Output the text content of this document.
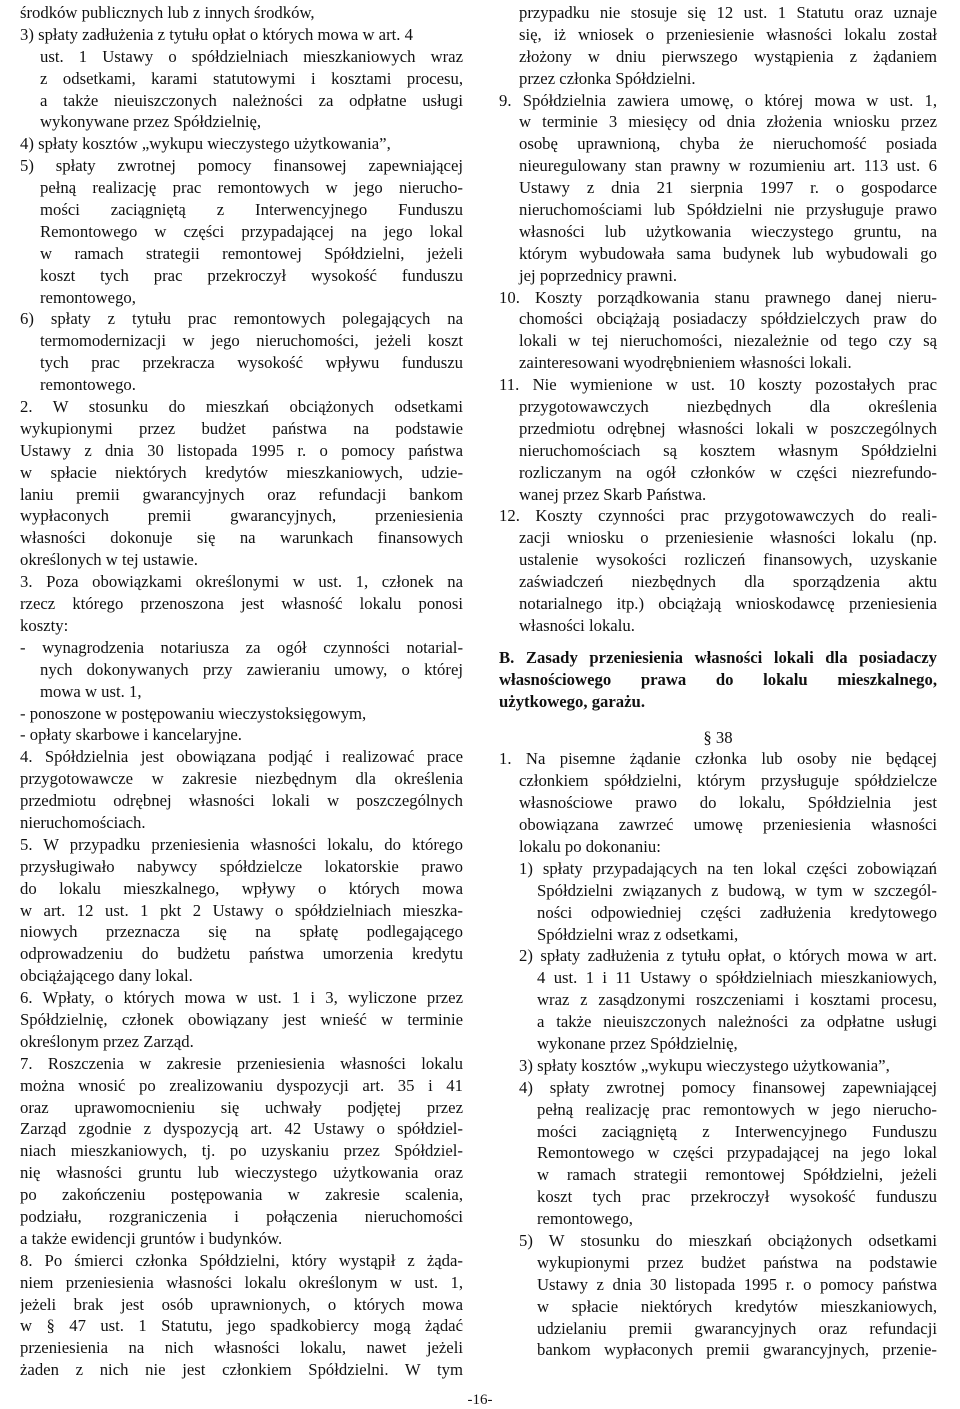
środków publicznych lub z innych środków,
3) spłaty zadłużenia z tytułu opłat o których mowa w art. 4
ust. 1 Ustawy o spółdzielniach mieszkaniowych wraz
z odsetkami, karami statutowymi i kosztami procesu,
a także nieuiszczonych należności za odpłatne usługi
wykonywane przez Spółdzielnię,
4) spłaty kosztów „wykupu wieczystego użytkowania”,
5) spłaty zwrotnej pomocy finansowej zapewniającej
pełną realizację prac remontowych w jego nierucho-
mości zaciągniętą z Interwencyjnego Funduszu
Remontowego w części przypadającej na jego lokal
w ramach strategii remontowej Spółdzielni, jeżeli
koszt tych prac przekroczył wysokość funduszu
remontowego,
6) spłaty z tytułu prac remontowych polegających na
termomodernizacji w jego nieruchomości, jeżeli koszt
tych prac przekracza wysokość wpływu funduszu
remontowego.
2. W stosunku do mieszkań obciążonych odsetkami
wykupionymi przez budżet państwa na podstawie
Ustawy z dnia 30 listopada 1995 r. o pomocy państwa
w spłacie niektórych kredytów mieszkaniowych, udzie-
laniu premii gwarancyjnych oraz refundacji bankom
wypłaconych premii gwarancyjnych, przeniesienia
własności dokonuje się na warunkach finansowych
określonych w tej ustawie.
3. Poza obowiązkami określonymi w ust. 1, członek na
rzecz którego przenoszona jest własność lokalu ponosi
koszty:
- wynagrodzenia notariusza za ogół czynności notarial-
nych dokonywanych przy zawieraniu umowy, o której
mowa w ust. 1,
- ponoszone w postępowaniu wieczystoksięgowym,
- opłaty skarbowe i kancelaryjne.
4. Spółdzielnia jest obowiązana podjąć i realizować prace
przygotowawcze w zakresie niezbędnym dla określenia
przedmiotu odrębnej własności lokali w poszczególnych
nieruchomościach.
5. W przypadku przeniesienia własności lokalu, do którego
przysługiwało nabywcy spółdzielcze lokatorskie prawo
do lokalu mieszkalnego, wpływy o których mowa
w art. 12 ust. 1 pkt 2 Ustawy o spółdzielniach mieszka-
niowych przeznacza się na spłatę podlegającego
odprowadzeniu do budżetu państwa umorzenia kredytu
obciążającego dany lokal.
6. Wpłaty, o których mowa w ust. 1 i 3, wyliczone przez
Spółdzielnię, członek obowiązany jest wnieść w terminie
określonym przez Zarząd.
7. Roszczenia w zakresie przeniesienia własności lokalu
można wnosić po zrealizowaniu dyspozycji art. 35 i 41
oraz uprawomocnieniu się uchwały podjętej przez
Zarząd zgodnie z dyspozycją art. 42 Ustawy o spółdziel-
niach mieszkaniowych, tj. po uzyskaniu przez Spółdziel-
nię własności gruntu lub wieczystego użytkowania oraz
po zakończeniu postępowania w zakresie scalenia,
podziału, rozgraniczenia i połączenia nieruchomości
a także ewidencji gruntów i budynków.
8. Po śmierci członka Spółdzielni, który wystąpił z żąda-
niem przeniesienia własności lokalu określonym w ust. 1,
jeżeli brak jest osób uprawnionych, o których mowa
w § 47 ust. 1 Statutu, jego spadkobiercy mogą żądać
przeniesienia na nich własności lokalu, nawet jeżeli
żaden z nich nie jest członkiem Spółdzielni. W tym
przypadku nie stosuje się 12 ust. 1 Statutu oraz uznaje
się, iż wniosek o przeniesienie własności lokalu został
złożony w dniu pierwszego wystąpienia z żądaniem
przez członka Spółdzielni.
9. Spółdzielnia zawiera umowę, o której mowa w ust. 1,
w terminie 3 miesięcy od dnia złożenia wniosku przez
osobę uprawnioną, chyba że nieruchomość posiada
nieuregulowany stan prawny w rozumieniu art. 113 ust. 6
Ustawy z dnia 21 sierpnia 1997 r. o gospodarce
nieruchomościami lub Spółdzielni nie przysługuje prawo
własności lub użytkowania wieczystego gruntu, na
którym wybudowała sama budynek lub wybudowali go
jej poprzednicy prawni.
10. Koszty porządkowania stanu prawnego danej nieru-
chomości obciążają posiadaczy spółdzielczych praw do
lokali w tej nieruchomości, niezależnie od tego czy są
zainteresowani wyodrębnieniem własności lokali.
11. Nie wymienione w ust. 10 koszty pozostałych prac
przygotowawczych niezbędnych dla określenia
przedmiotu odrębnej własności lokali w poszczególnych
nieruchomościach są kosztem własnym Spółdzielni
rozliczanym na ogół członków w części niezrefundo-
wanej przez Skarb Państwa.
12. Koszty czynności prac przygotowawczych do reali-
zacji wniosku o przeniesienie własności lokalu (np.
ustalenie wysokości rozliczeń finansowych, uzyskanie
zaświadczeń niezbędnych dla sporządzenia aktu
notarialnego itp.) obciążają wnioskodawcę przeniesienia
własności lokalu.
B. Zasady przeniesienia własności lokali dla posiadaczy
własnościowego prawa do lokalu mieszkalnego,
użytkowego, garażu.
§ 38
1. Na pisemne żądanie członka lub osoby nie będącej
członkiem spółdzielni, którym przysługuje spółdzielcze
własnościowe prawo do lokalu, Spółdzielnia jest
obowiązana zawrzeć umowę przeniesienia własności
lokalu po dokonaniu:
1) spłaty przypadających na ten lokal części zobowiązań
Spółdzielni związanych z budową, w tym w szczegól-
ności odpowiedniej części zadłużenia kredytowego
Spółdzielni wraz z odsetkami,
2) spłaty zadłużenia z tytułu opłat, o których mowa w art.
4 ust. 1 i 11 Ustawy o spółdzielniach mieszkaniowych,
wraz z zasądzonymi roszczeniami i kosztami procesu,
a także nieuiszczonych należności za odpłatne usługi
wykonane przez Spółdzielnię,
3) spłaty kosztów „wykupu wieczystego użytkowania”,
4) spłaty zwrotnej pomocy finansowej zapewniającej
pełną realizację prac remontowych w jego nierucho-
mości zaciągniętą z Interwencyjnego Funduszu
Remontowego w części przypadającej na jego lokal
w ramach strategii remontowej Spółdzielni, jeżeli
koszt tych prac przekroczył wysokość funduszu
remontowego,
5) W stosunku do mieszkań obciążonych odsetkami
wykupionymi przez budżet państwa na podstawie
Ustawy z dnia 30 listopada 1995 r. o pomocy państwa
w spłacie niektórych kredytów mieszkaniowych,
udzielaniu premii gwarancyjnych oraz refundacji
bankom wypłaconych premii gwarancyjnych, przenie-
-16-
